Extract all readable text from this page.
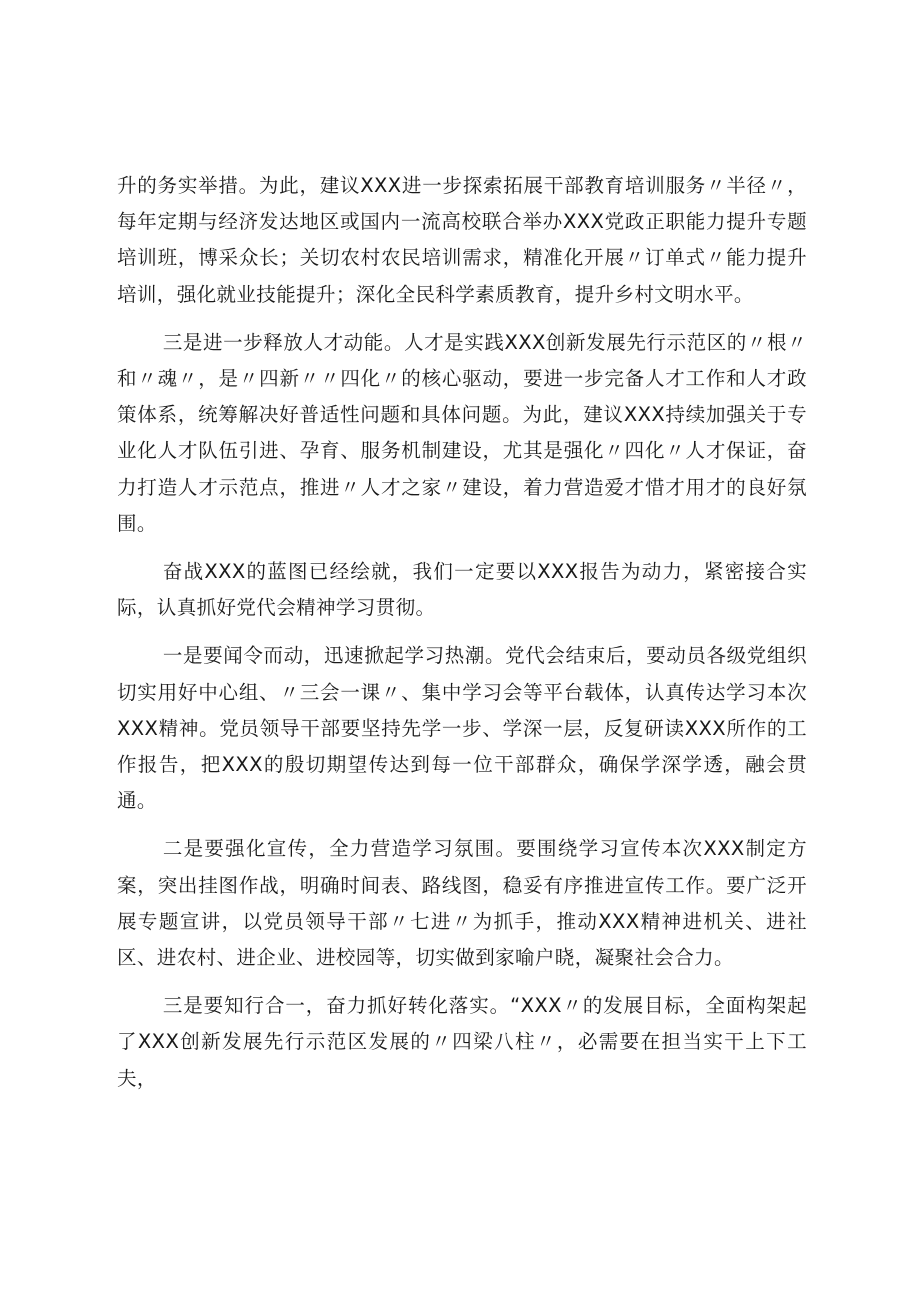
升的务实举措。为此，建议XXX进一步探索拓展干部教育培训服务〃半径〃，每年定期与经济发达地区或国内一流高校联合举办XXX党政正职能力提升专题培训班，博采众长；关切农村农民培训需求，精准化开展〃订单式〃能力提升培训，强化就业技能提升；深化全民科学素质教育，提升乡村文明水平。

三是进一步释放人才动能。人才是实践XXX创新发展先行示范区的〃根〃和〃魂〃，是〃四新〃〃四化〃的核心驱动，要进一步完备人才工作和人才政策体系，统筹解决好普适性问题和具体问题。为此，建议XXX持续加强关于专业化人才队伍引进、孕育、服务机制建设，尤其是强化〃四化〃人才保证，奋力打造人才示范点，推进〃人才之家〃建设，着力营造爱才惜才用才的良好氛围。

奋战XXX的蓝图已经绘就，我们一定要以XXX报告为动力，紧密接合实际，认真抓好党代会精神学习贯彻。

一是要闻令而动，迅速掀起学习热潮。党代会结束后，要动员各级党组织切实用好中心组、〃三会一课〃、集中学习会等平台载体，认真传达学习本次XXX精神。党员领导干部要坚持先学一步、学深一层，反复研读XXX所作的工作报告，把XXX的殷切期望传达到每一位干部群众，确保学深学透，融会贯通。

二是要强化宣传，全力营造学习氛围。要围绕学习宣传本次XXX制定方案，突出挂图作战，明确时间表、路线图，稳妥有序推进宣传工作。要广泛开展专题宣讲，以党员领导干部〃七进〃为抓手，推动XXX精神进机关、进社区、进农村、进企业、进校园等，切实做到家喻户晓，凝聚社会合力。

三是要知行合一，奋力抓好转化落实。“XXX〃的发展目标，全面构架起了XXX创新发展先行示范区发展的〃四梁八柱〃，必需要在担当实干上下工夫，
